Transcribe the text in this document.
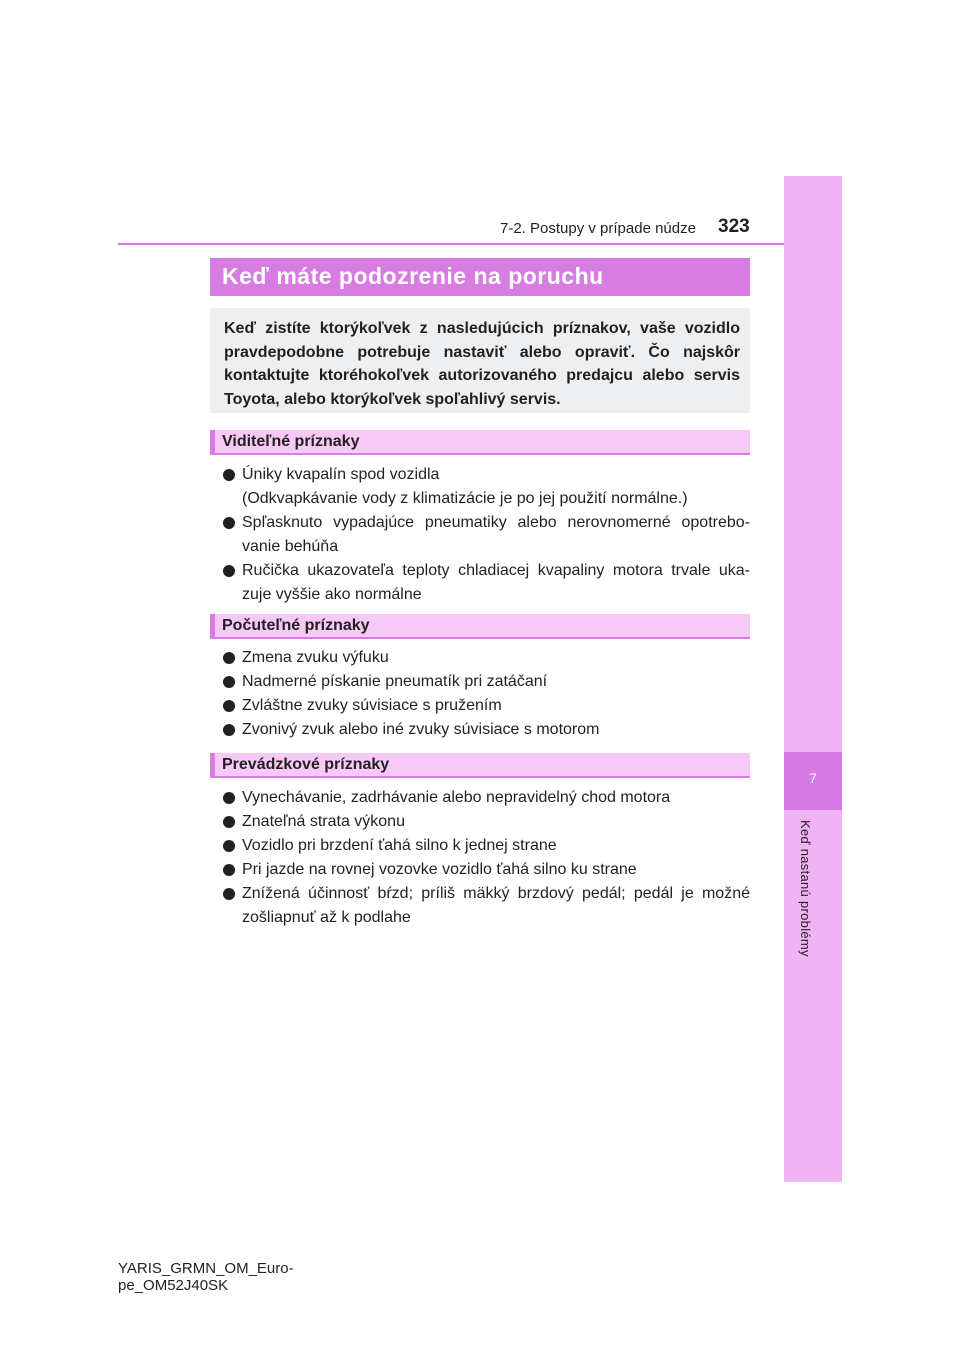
7-2. Postupy v prípade núdze 323
7
Keď nastanú problémy
Keď máte podozrenie na poruchu
Keď zistíte ktorýkoľvek z nasledujúcich príznakov, vaše vozidlo pravdepodobne potrebuje nastaviť alebo opraviť. Čo najskôr kontaktujte ktoréhokoľvek autorizovaného predajcu alebo servis Toyota, alebo ktorýkoľvek spoľahlivý servis.
Viditeľné príznaky
Úniky kvapalín spod vozidla
(Odkvapkávanie vody z klimatizácie je po jej použití normálne.)
Spľasknuto vypadajúce pneumatiky alebo nerovnomerné opotrebo-vanie behúňa
Ručička ukazovateľa teploty chladiacej kvapaliny motora trvale uka-zuje vyššie ako normálne
Počuteľné príznaky
Zmena zvuku výfuku
Nadmerné pískanie pneumatík pri zatáčaní
Zvláštne zvuky súvisiace s pružením
Zvonivý zvuk alebo iné zvuky súvisiace s motorom
Prevádzkové príznaky
Vynechávanie, zadrhávanie alebo nepravidelný chod motora
Znateľná strata výkonu
Vozidlo pri brzdení ťahá silno k jednej strane
Pri jazde na rovnej vozovke vozidlo ťahá silno ku strane
Znížená účinnosť bŕzd; príliš mäkký brzdový pedál; pedál je možné zošliapnuť až k podlahe
YARIS_GRMN_OM_Euro-
pe_OM52J40SK
